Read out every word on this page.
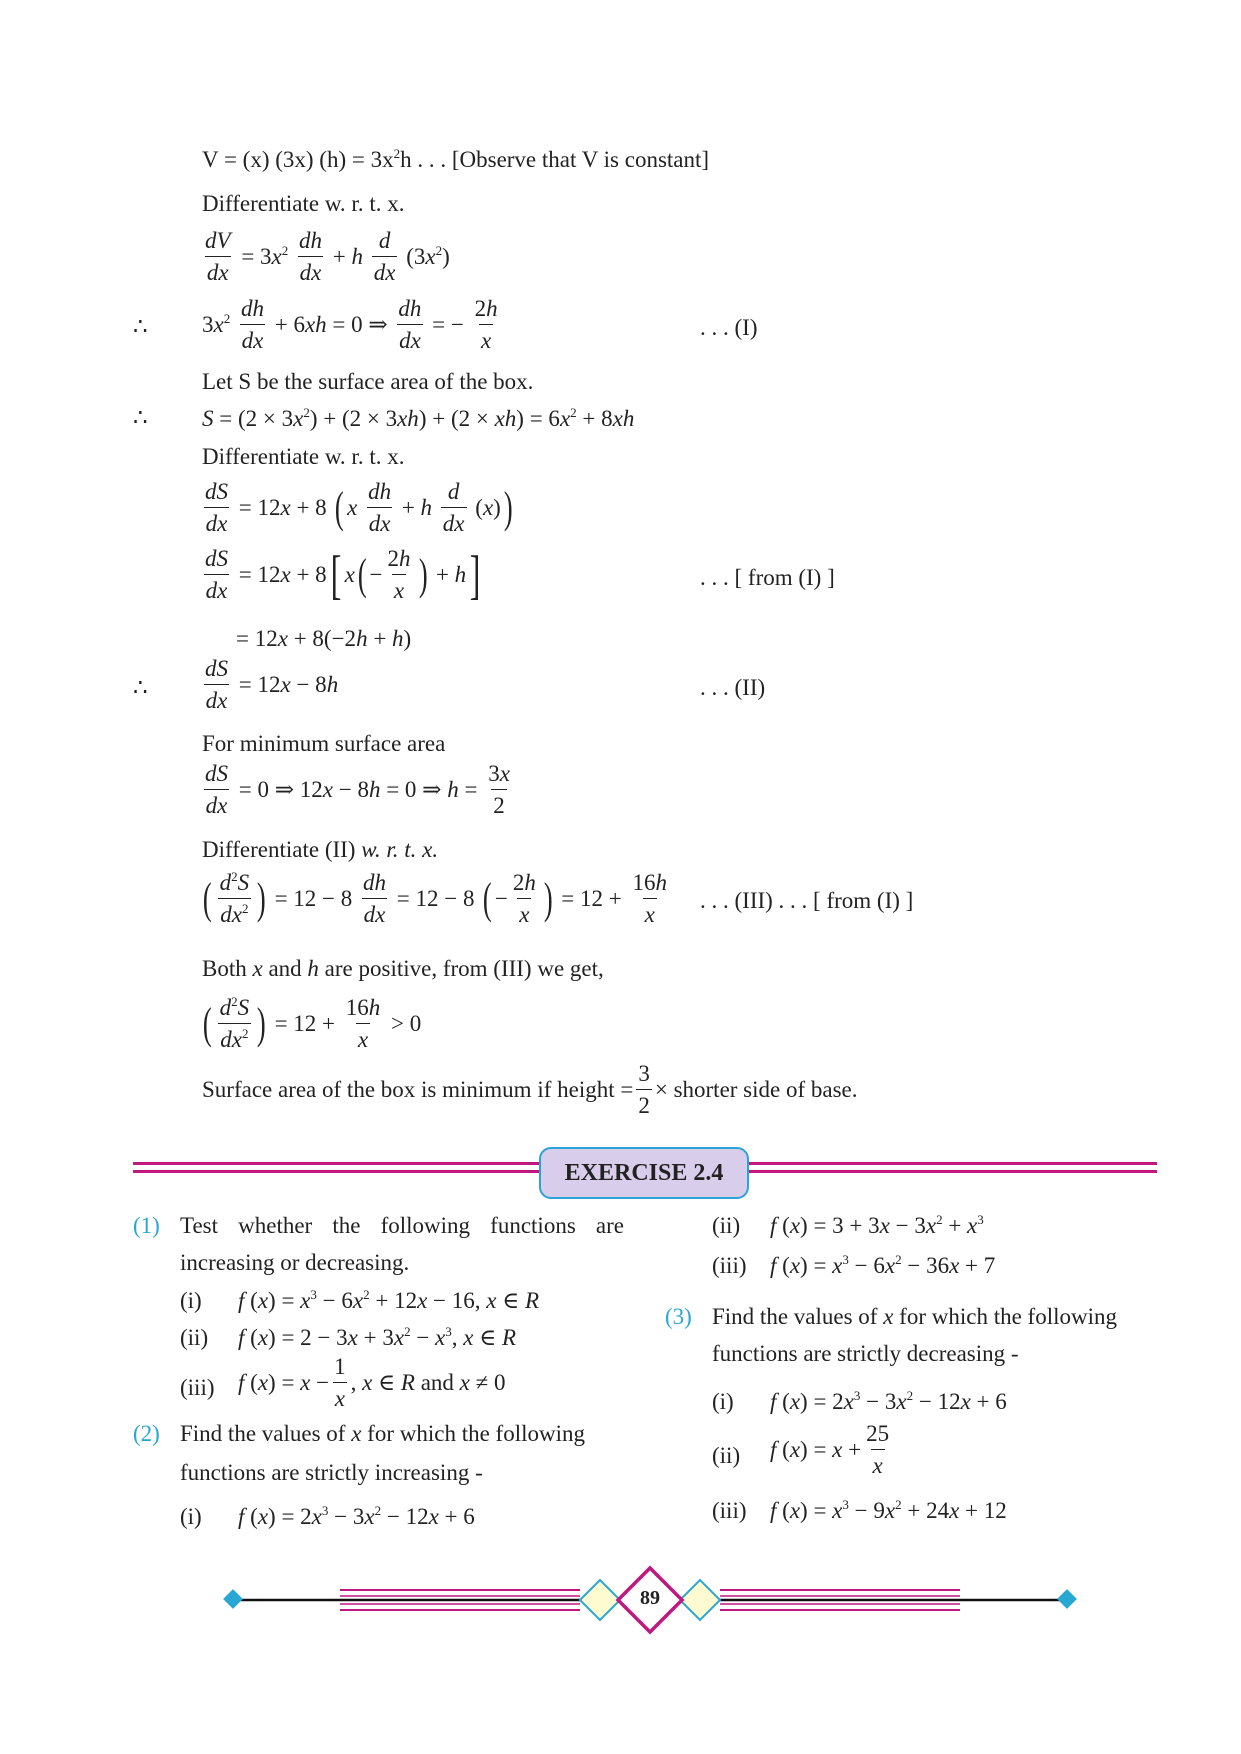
V = (x) (3x) $(h) = 3x^2h$ . . . [Observe that V is constant]
Differentiate w. r. t. x.
$\frac{dV}{dx} = 3x^2 \frac{dh}{dx} + h \frac{d}{dx} (3x^2)$
∴ $3x^2 \frac{dh}{dx} + 6xh = 0$ ⇒ $\frac{dh}{dx}$ = − $\frac{2h}{x}$	. . . (I)
Let S be the surface area of the box.
∴ $S = (2 \times 3x^2) + (2 \times 3xh) + (2 \times xh) = 6x^2 + 8xh$
Differentiate w. r. t. x.
$\frac{dS}{dx} = 12x + 8$ ( x $\frac{dh}{dx} + h \frac{d}{dx} (x)$ )
$\frac{dS}{dx} = 12x + 8$ [ x ( − $\frac{2h}{x}$ ) + h ]	. . . [ from (I) ]
= 12x + 8(−2h + h)
∴ $\frac{dS}{dx} = 12x - 8h$	. . . (II)
For minimum surface area
$\frac{dS}{dx} = 0$ ⇒ 12x − 8h = 0 ⇒ $h = \frac{3x}{2}$
Differentiate (II) w. r. t. x.
( $\frac{d^2S}{dx^2}$ ) = $12 - 8 \frac{dh}{dx} = 12 - 8$ ( − $\frac{2h}{x}$ ) = $12 + \frac{16h}{x}$ . . . (III) . . . [ from (I) ]
Both x and h are positive, from (III) we get,
( $\frac{d^2S}{dx^2}$ ) = $12 + \frac{16h}{x} > 0$
Surface area of the box is minimum if height = $\frac{3}{2}$ × shorter side of base.
EXERCISE 2.4
(1) Test whether the following functions are
increasing or decreasing.
(i) f $(x) = x^3 - 6x^2 + 12x - 16$, x ∈ R
(ii) f $(x) = 2 - 3x + 3x^2 - x^3$, x ∈ R
(iii) f $(x) = x - \frac{1}{x}$ , x ∈ R and x ≠ 0
(2) Find the values of x for which the following
functions are strictly increasing -
(i) f $(x) = 2x^3 - 3x^2 - 12x + 6$
(ii) f $(x) = 3 + 3x - 3x^2 + x^3$
(iii) f $(x) = x^3 - 6x^2 - 36x + 7$
(3) Find the values of x for which the following
functions are strictly decreasing -
(i) f $(x) = 2x^3 - 3x^2 - 12x + 6$
(ii) f $(x) = x + \frac{25}{x}$
(iii) f $(x) = x^3 - 9x^2 + 24x + 12$
89
